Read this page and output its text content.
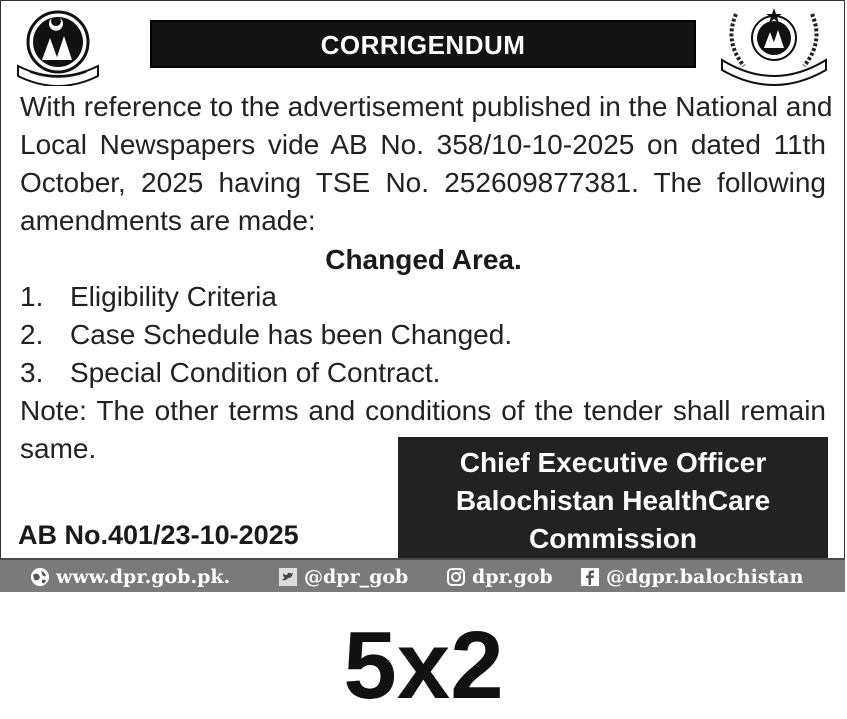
CORRIGENDUM
With reference to the advertisement published in the National and
Local Newspapers vide AB No. 358/10-10-2025 on dated 11th
October, 2025 having TSE No. 252609877381. The following
amendments are made:
Changed Area.
1. Eligibility Criteria
2. Case Schedule has been Changed.
3. Special Condition of Contract.
Note: The other terms and conditions of the tender shall remain
same.	Chief Executive Officer
Balochistan HealthCare
Commission
AB No.401/23-10-2025
www.dpr.gob.pk.	@dpr_gob	dpr.gob	@dgpr.balochistan
5x2
